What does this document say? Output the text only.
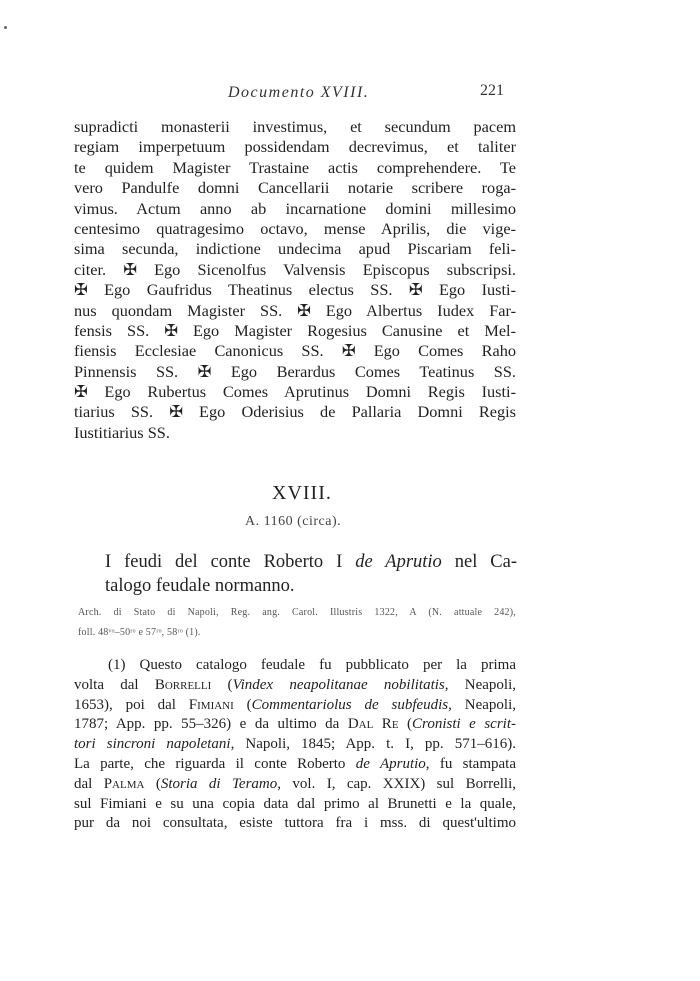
Documento XVIII.	221
supradicti monasterii investimus, et secundum pacem
regiam imperpetuum possidendam decrevimus, et taliter
te quidem Magister Trastaine actis comprehendere. Te
vero Pandulfe domni Cancellarii notarie scribere roga-
vimus. Actum anno ab incarnatione domini millesimo
centesimo quatragesimo octavo, mense Aprilis, die vige-
sima secunda, indictione undecima apud Piscariam feli-
citer. ✠ Ego Sicenolfus Valvensis Episcopus subscripsi.
✠ Ego Gaufridus Theatinus electus SS. ✠ Ego Iusti-
nus quondam Magister SS. ✠ Ego Albertus Iudex Far-
fensis SS. ✠ Ego Magister Rogesius Canusine et Mel-
fiensis Ecclesiae Canonicus SS. ✠ Ego Comes Raho
Pinnensis SS. ✠ Ego Berardus Comes Teatinus SS.
✠ Ego Rubertus Comes Aprutinus Domni Regis Iusti-
tiarius SS. ✠ Ego Oderisius de Pallaria Domni Regis
Iustitiarius SS.
XVIII.
A. 1160 (circa).
I feudi del conte Roberto I de Aprutio nel Ca-
talogo feudale normanno.
Arch. di Stato di Napoli, Reg. ang. Carol. Illustris 1322, A (N. attuale 242),
foll. 48ᵛᵒ–50ʳᵒ e 57ʳᵒ, 58ʳᵒ (1).
(1) Questo catalogo feudale fu pubblicato per la prima
volta dal Borrelli (Vindex neapolitanae nobilitatis, Neapoli,
1653), poi dal Fimiani (Commentariolus de subfeudis, Neapoli,
1787; App. pp. 55–326) e da ultimo da Dal Re (Cronisti e scrit-
tori sincroni napoletani, Napoli, 1845; App. t. I, pp. 571–616).
La parte, che riguarda il conte Roberto de Aprutio, fu stampata
dal Palma (Storia di Teramo, vol. I, cap. XXIX) sul Borrelli,
sul Fimiani e su una copia data dal primo al Brunetti e la quale,
pur da noi consultata, esiste tuttora fra i mss. di quest'ultimo
